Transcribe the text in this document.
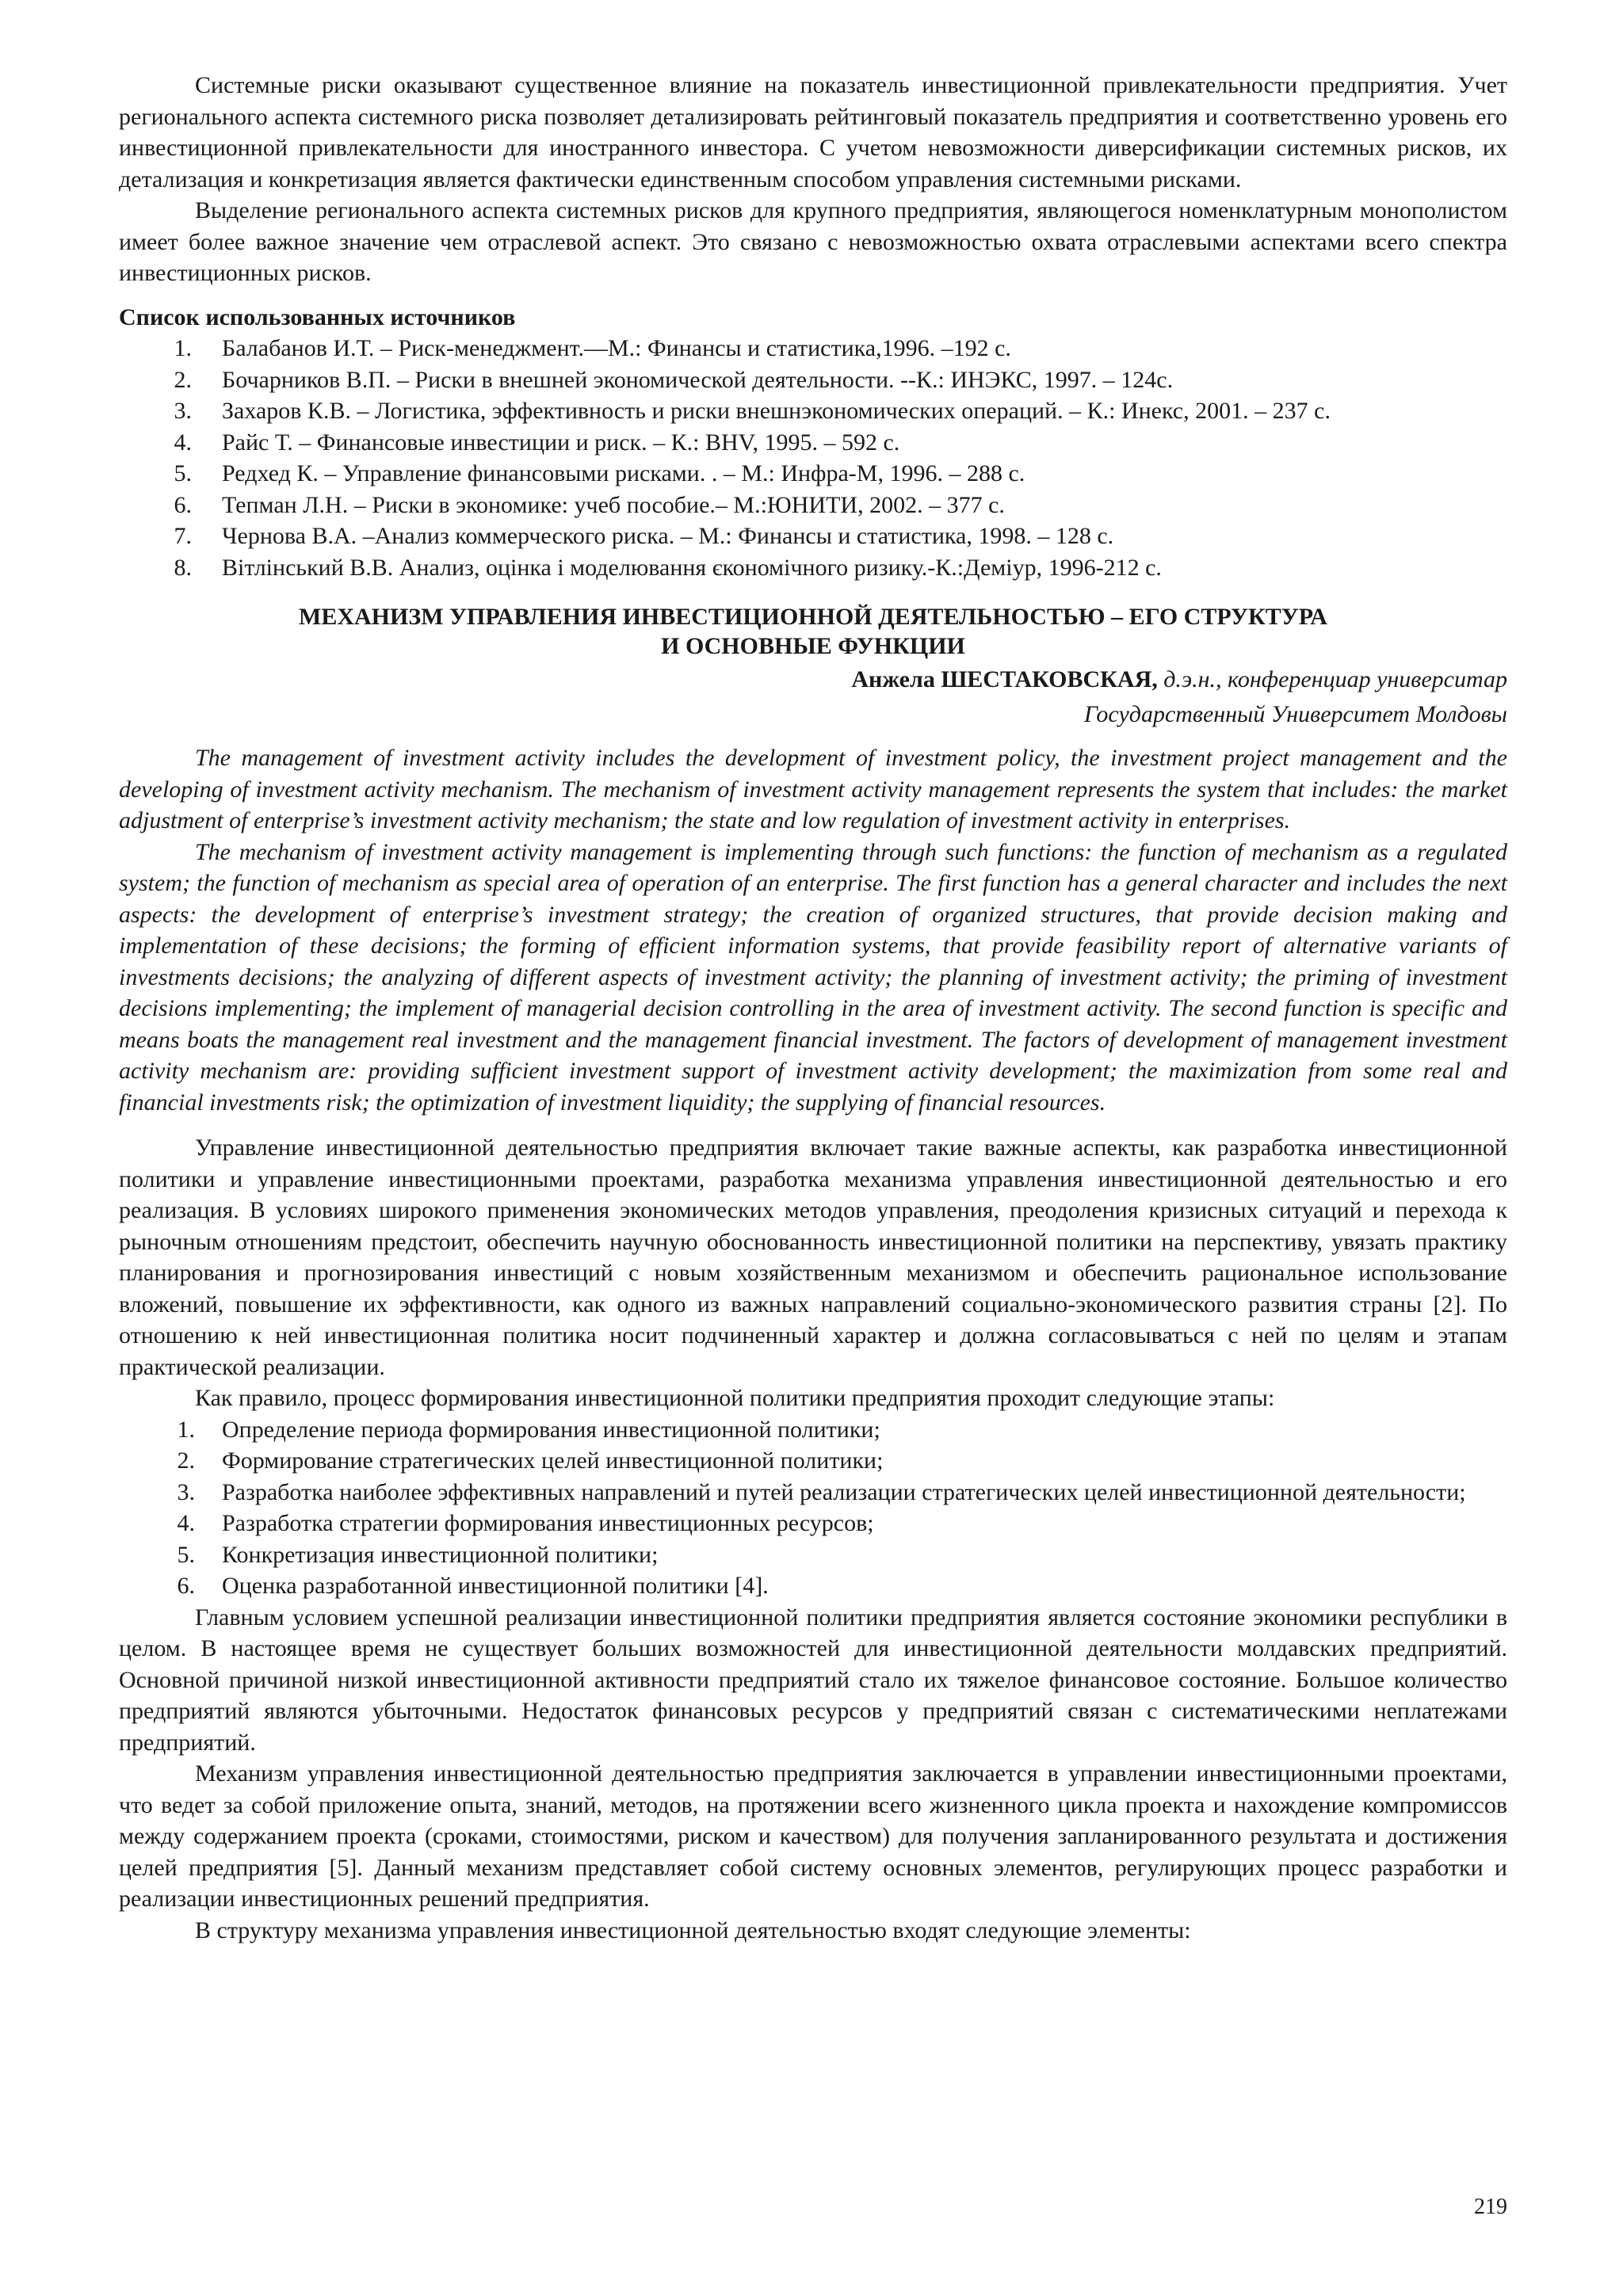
Системные риски оказывают существенное влияние на показатель инвестиционной привлекательности предприятия. Учет регионального аспекта системного риска позволяет детализировать рейтинговый показатель предприятия и соответственно уровень его инвестиционной привлекательности для иностранного инвестора. С учетом невозможности диверсификации системных рисков, их детализация и конкретизация является фактически единственным способом управления системными рисками.

Выделение регионального аспекта системных рисков для крупного предприятия, являющегося номенклатурным монополистом имеет более важное значение чем отраслевой аспект. Это связано с невозможностью охвата отраслевыми аспектами всего спектра инвестиционных рисков.

Список использованных источников

1. Балабанов И.Т. – Риск-менеджмент.—М.: Финансы и статистика,1996. –192 с.
2. Бочарников В.П. – Риски в внешней экономической деятельности. --К.: ИНЭКС, 1997. – 124с.
3. Захаров К.В. – Логистика, эффективность и риски внешнэкономических операций. – К.: Инекс, 2001. – 237 с.
4. Райс Т. – Финансовые инвестиции и риск. – К.: BHV, 1995. – 592 с.
5. Редхед К. – Управление финансовыми рисками. . – М.: Инфра-М, 1996. – 288 с.
6. Тепман Л.Н. – Риски в экономике: учеб пособие.– М.:ЮНИТИ, 2002. – 377 с.
7. Чернова В.А. –Анализ коммерческого риска. – М.: Финансы и статистика, 1998. – 128 с.
8. Вітлінський В.В. Анализ, оцінка і моделювання єкономічного ризику.-К.:Деміур, 1996-212 с.
МЕХАНИЗМ УПРАВЛЕНИЯ ИНВЕСТИЦИОННОЙ ДЕЯТЕЛЬНОСТЬЮ – ЕГО СТРУКТУРА
И ОСНОВНЫЕ ФУНКЦИИ
Анжела ШЕСТАКОВСКАЯ, д.э.н., конференциар университар
Государственный Университет Молдовы

The management of investment activity includes the development of investment policy, the investment project management and the developing of investment activity mechanism. The mechanism of investment activity management represents the system that includes: the market adjustment of enterprise’s investment activity mechanism; the state and low regulation of investment activity in enterprises.

The mechanism of investment activity management is implementing through such functions: the function of mechanism as a regulated system; the function of mechanism as special area of operation of an enterprise. The first function has a general character and includes the next aspects: the development of enterprise’s investment strategy; the creation of organized structures, that provide decision making and implementation of these decisions; the forming of efficient information systems, that provide feasibility report of alternative variants of investments decisions; the analyzing of different aspects of investment activity; the planning of investment activity; the priming of investment decisions implementing; the implement of managerial decision controlling in the area of investment activity. The second function is specific and means boats the management real investment and the management financial investment. The factors of development of management investment activity mechanism are: providing sufficient investment support of investment activity development; the maximization from some real and financial investments risk; the optimization of investment liquidity; the supplying of financial resources.

Управление инвестиционной деятельностью предприятия включает такие важные аспекты, как разработка инвестиционной политики и управление инвестиционными проектами, разработка механизма управления инвестиционной деятельностью и его реализация. В условиях широкого применения экономических методов управления, преодоления кризисных ситуаций и перехода к рыночным отношениям предстоит, обеспечить научную обоснованность инвестиционной политики на перспективу, увязать практику планирования и прогнозирования инвестиций с новым хозяйственным механизмом и обеспечить рациональное использование вложений, повышение их эффективности, как одного из важных направлений социально-экономического развития страны [2]. По отношению к ней инвестиционная политика носит подчиненный характер и должна согласовываться с ней по целям и этапам практической реализации.

Как правило, процесс формирования инвестиционной политики предприятия проходит следующие этапы:

1. Определение периода формирования инвестиционной политики;
2. Формирование стратегических целей инвестиционной политики;
3. Разработка наиболее эффективных направлений и путей реализации стратегических целей инвестиционной деятельности;
4. Разработка стратегии формирования инвестиционных ресурсов;
5. Конкретизация инвестиционной политики;
6. Оценка разработанной инвестиционной политики [4].

Главным условием успешной реализации инвестиционной политики предприятия является состояние экономики республики в целом. В настоящее время не существует больших возможностей для инвестиционной деятельности молдавских предприятий. Основной причиной низкой инвестиционной активности предприятий стало их тяжелое финансовое состояние. Большое количество предприятий являются убыточными. Недостаток финансовых ресурсов у предприятий связан с систематическими неплатежами предприятий.

Механизм управления инвестиционной деятельностью предприятия заключается в управлении инвестиционными проектами, что ведет за собой приложение опыта, знаний, методов, на протяжении всего жизненного цикла проекта и нахождение компромиссов между содержанием проекта (сроками, стоимостями, риском и качеством) для получения запланированного результата и достижения целей предприятия [5]. Данный механизм представляет собой систему основных элементов, регулирующих процесс разработки и реализации инвестиционных решений предприятия.

В структуру механизма управления инвестиционной деятельностью входят следующие элементы:

219
